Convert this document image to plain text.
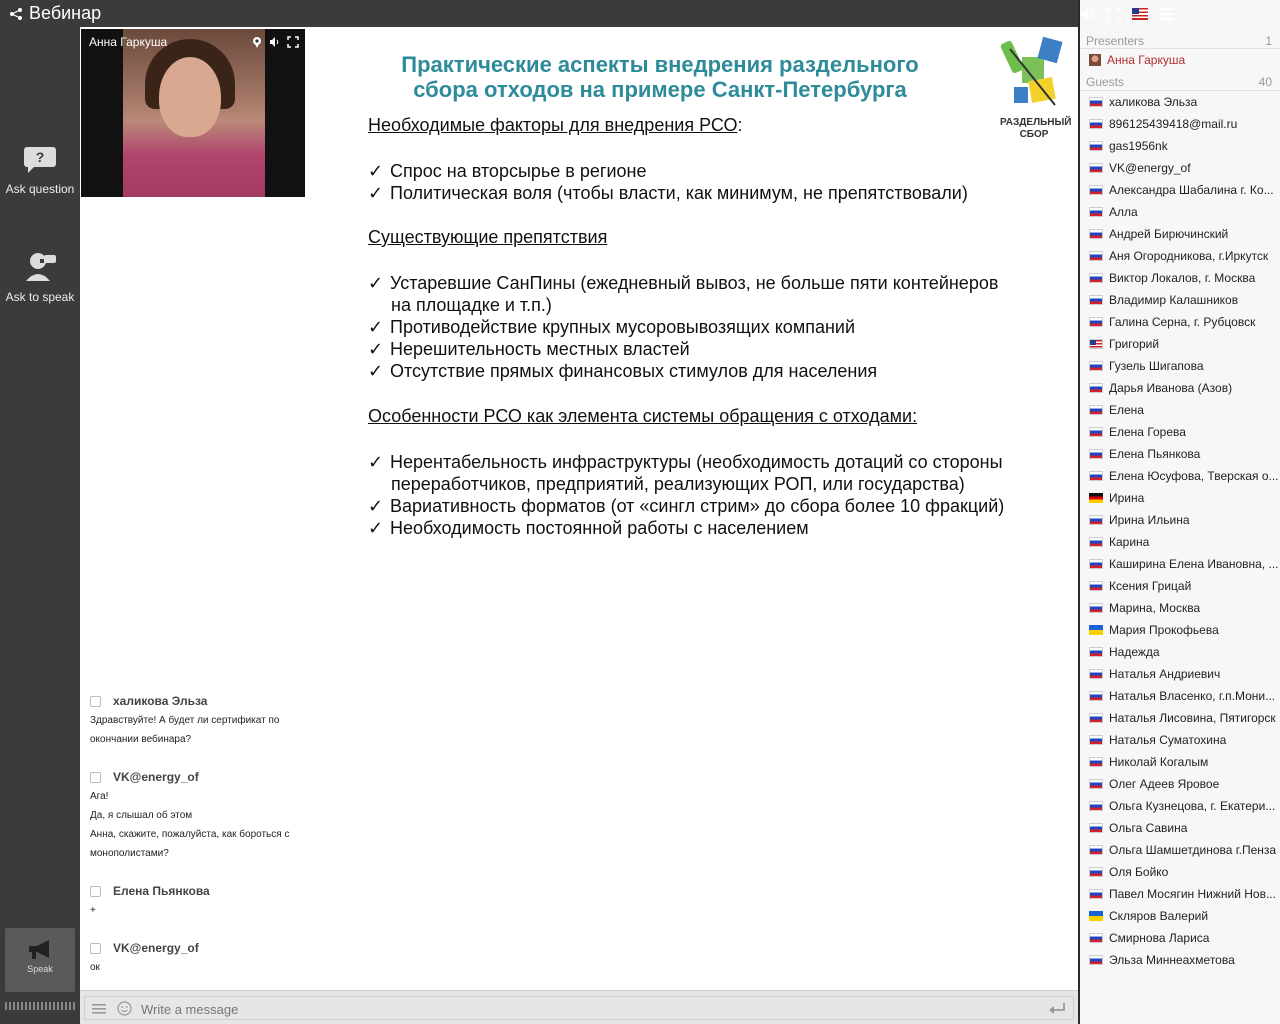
Вебинар
?
Ask question
Ask to speak
Speak
Анна Гаркуша
Практические аспекты внедрения раздельного
сбора отходов на примере Санкт-Петербурга
РАЗДЕЛЬНЫЙ
СБОР
Необходимые факторы для внедрения РСО:
✓ Спрос на вторсырье в регионе
✓ Политическая воля (чтобы власти, как минимум, не препятствовали)
Существующие препятствия
✓ Устаревшие СанПины (ежедневный вывоз, не больше пяти контейнеров
на площадке и т.п.)
✓ Противодействие крупных мусоровывозящих компаний
✓ Нерешительность местных властей
✓ Отсутствие прямых финансовых стимулов для населения
Особенности РСО как элемента системы обращения с отходами:
✓ Нерентабельность инфраструктуры (необходимость дотаций со стороны
переработчиков, предприятий, реализующих РОП, или государства)
✓ Вариативность форматов (от «сингл стрим» до сбора более 10 фракций)
✓ Необходимость постоянной работы с населением
халикова Эльза
Здравствуйте! А будет ли сертификат по
окончании вебинара?
VK@energy_of
Ага!
Да, я слышал об этом
Анна, скажите, пожалуйста, как бороться с
монополистами?
Елена Пьянкова
+
VK@energy_of
ок
Write a message
Presenters	1
Анна Гаркуша
Guests	40
халикова Эльза
896125439418@mail.ru
gas1956nk
VK@energy_of
Александра Шабалина г. Ко...
Алла
Андрей Бирючинский
Аня Огородникова, г.Иркутск
Виктор Локалов, г. Москва
Владимир Калашников
Галина Серна, г. Рубцовск
Григорий
Гузель Шигапова
Дарья Иванова (Азов)
Елена
Елена Горева
Елена Пьянкова
Елена Юсуфова, Тверская о...
Ирина
Ирина Ильина
Карина
Каширина Елена Ивановна, ...
Ксения Грицай
Марина, Москва
Мария Прокофьева
Надежда
Наталья Андриевич
Наталья Власенко, г.п.Мони...
Наталья Лисовина, Пятигорск
Наталья Суматохина
Николай Когалым
Олег Адеев Яровое
Ольга Кузнецова, г. Екатери...
Ольга Савина
Ольга Шамшетдинова г.Пенза
Оля Бойко
Павел Мосягин Нижний Нов...
Скляров Валерий
Смирнова Лариса
Эльза Миннеахметова
